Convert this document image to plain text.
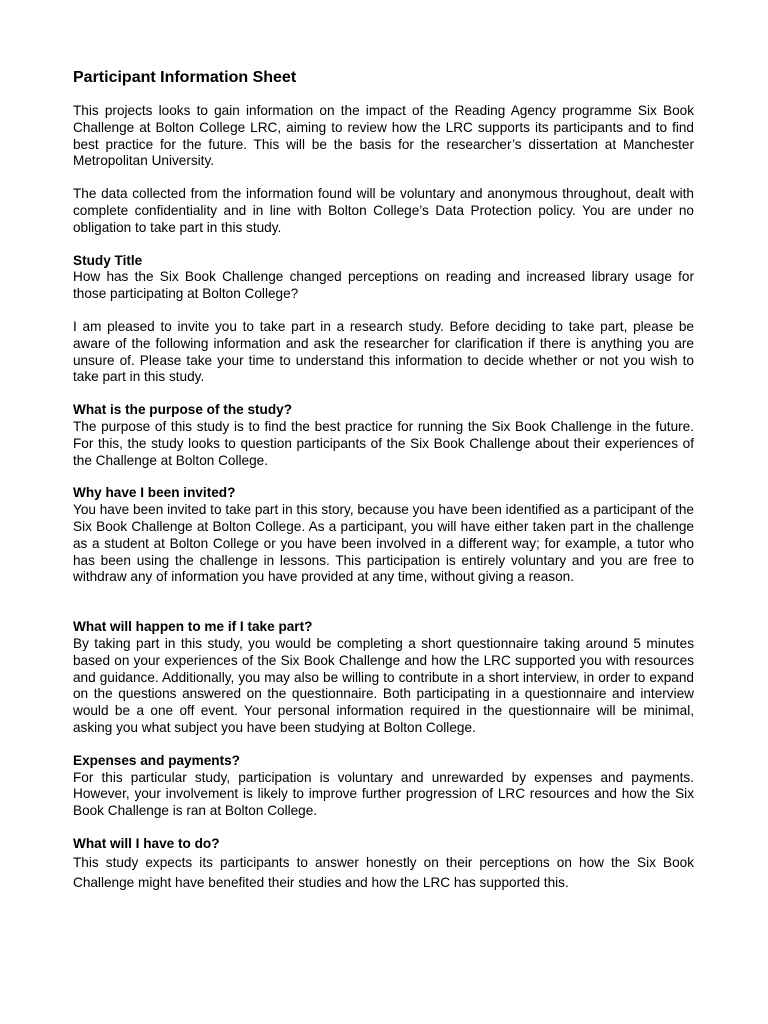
Participant Information Sheet

This projects looks to gain information on the impact of the Reading Agency programme Six Book Challenge at Bolton College LRC, aiming to review how the LRC supports its participants and to find best practice for the future. This will be the basis for the researcher’s dissertation at Manchester Metropolitan University.

The data collected from the information found will be voluntary and anonymous throughout, dealt with complete confidentiality and in line with Bolton College’s Data Protection policy. You are under no obligation to take part in this study.

Study Title

How has the Six Book Challenge changed perceptions on reading and increased library usage for those participating at Bolton College?

I am pleased to invite you to take part in a research study. Before deciding to take part, please be aware of the following information and ask the researcher for clarification if there is anything you are unsure of. Please take your time to understand this information to decide whether or not you wish to take part in this study.

What is the purpose of the study?

The purpose of this study is to find the best practice for running the Six Book Challenge in the future. For this, the study looks to question participants of the Six Book Challenge about their experiences of the Challenge at Bolton College.

Why have I been invited?

You have been invited to take part in this story, because you have been identified as a participant of the Six Book Challenge at Bolton College. As a participant, you will have either taken part in the challenge as a student at Bolton College or you have been involved in a different way; for example, a tutor who has been using the challenge in lessons. This participation is entirely voluntary and you are free to withdraw any of information you have provided at any time, without giving a reason.

What will happen to me if I take part?

By taking part in this study, you would be completing a short questionnaire taking around 5 minutes based on your experiences of the Six Book Challenge and how the LRC supported you with resources and guidance. Additionally, you may also be willing to contribute in a short interview, in order to expand on the questions answered on the questionnaire. Both participating in a questionnaire and interview would be a one off event. Your personal information required in the questionnaire will be minimal, asking you what subject you have been studying at Bolton College.

Expenses and payments?

For this particular study, participation is voluntary and unrewarded by expenses and payments. However, your involvement is likely to improve further progression of LRC resources and how the Six Book Challenge is ran at Bolton College.

What will I have to do?

This study expects its participants to answer honestly on their perceptions on how the Six Book Challenge might have benefited their studies and how the LRC has supported this.
